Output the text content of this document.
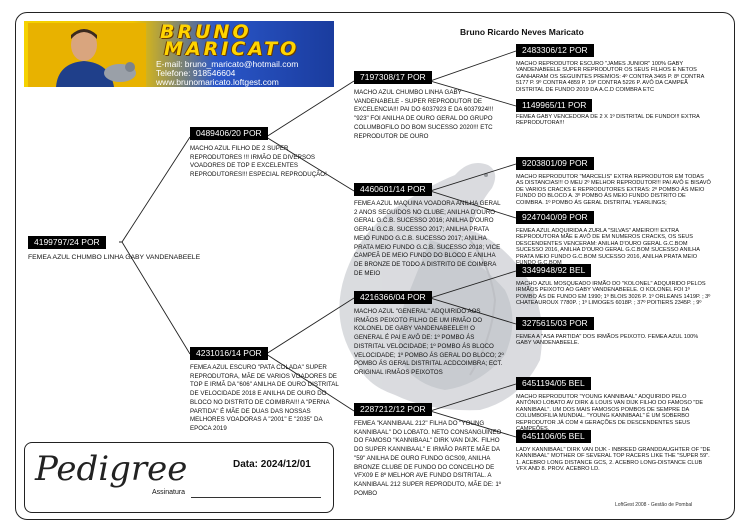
BRUNO
MARICATO
E-mail: bruno_maricato@hotmail.com
Telefone: 918546604
www.brunomaricato.loftgest.com
Bruno Ricardo Neves Maricato
4199797/24 POR
FEMEA AZUL CHUMBO LINHA GABY VANDENABEELE
0489406/20 POR
MACHO AZUL FILHO DE 2 SUPER REPRODUTORES !!! IRMÃO DE DIVERSOS VOADORES DE TOP E EXCELENTES REPRODUTORES!!! ESPECIAL REPRODUÇÃO!
4231016/14 POR
FEMEA AZUL ESCURO "PATA COLADA" SUPER REPRODUTORA, MÃE DE VARIOS VOADORES DE TOP E IRMÃ DA "606" ANILHA DE OURO DISTRITAL DE VELOCIDADE 2018 E ANILHA DE OURO DO BLOCO NO DISTRITO DE COIMBRA!!! A "PERNA PARTIDA" É MÃE DE DUAS DAS NOSSAS MELHORES VOADORAS A "2001" E "2035" DA EPOCA 2019
7197308/17 POR
MACHO AZUL CHUMBO LINHA GABY VANDENABELE - SUPER REPRODUTOR DE EXCELENCIA!!! PAI DO 6037923 E DA 6037924!!! "923" FOI ANILHA DE OURO GERAL DO GRUPO COLUMBOFILO DO BOM SUCESSO 2020!!! ETC REPRODUTOR DE OURO
4460601/14 POR
FEMEA AZUL MAQUINA VOADORA ANILHA GERAL 2 ANOS SEGUIDOS NO CLUBE; ANILHA D'OURO GERAL G.C.B. SUCESSO 2016; ANILHA D'OURO GERAL G.C.B. SUCESSO 2017; ANILHA PRATA MEIO FUNDO G.C.B. SUCESSO 2017; ANILHA PRATA MEIO FUNDO G.C.B. SUCESSO 2018; VICE CAMPEÃ DE MEIO FUNDO DO BLOCO E ANILHA DE BRONZE DE TODO A DISTRITO DE COIMBRA DE MEIO
4216366/04 POR
MACHO AZUL "GENERAL" ADQUIRIDO AOS IRMÃOS PEIXOTO FILHO DE UM IRMÃO DO KOLONEL DE GABY VANDENABEELE!!! O GENERAL É PAI E AVÔ DE: 1º POMBO ÁS DISTRITAL VELOCIDADE; 1º POMBO ÁS BLOCO VELOCIDADE; 1º POMBO ÁS GERAL DO BLOCO; 2º POMBO ÁS GERAL DISTRITAL ACDCOIMBRA; ECT. ORIGINAL IRMÃOS PEIXOTOS
2287212/12 POR
FEMEA "KANNIBAAL 212" FILHA DO "YOUNG KANNIBAAL" DO LOBATO. NETO CONSANGUÍNEO DO FAMOSO "KANNIBAAL" DIRK VAN DIJK. FILHO DO SUPER KANNIBAAL" E IRMÃO PARTE MÃE DA "59" ANILHA DE OURO FUNDO GCS09, ANILHA BRONZE CLUBE DE FUNDO DO CONCELHO DE VFX09 E 8º MELHOR AVE FUNDO DSITRITAL. A KANNIBAAL 212 SUPER REPRODUTO, MÃE DE: 1º POMBO
2483306/12 POR
MACHO REPRODUTOR ESCURO "JAMES JUNIOR" 100% GABY VANDENABEELE SUPER REPRODUTOR OS SEUS FILHOS E NETOS GANHARAM OS SEGUINTES PREMIOS: 4º CONTRA 3465 P. 8º CONTRA 5177 P. 9º CONTRA 4859 P. 19º CONTRA 5226 P. AVÔ DA CAMPEÃ DISTRITAL DE FUNDO 2019 DA A.C.D COIMBRA ETC
1149965/11 POR
FEMEA GABY VENCEDORA DE 2 X 1º DISTRITAL DE FUNDO!!! EXTRA REPRODUTORA!!!
9203801/09 POR
MACHO REPRODUTOR "MARCELIS" EXTRA REPRODUTOR EM TODAS AS DISTANCIAS!!! O MEU 2º MELHOR REPRODUTOR!!! PAI AVÔ E BISAVÔ DE VARIOS CRACKS E REPRODUTORES EXTRAS: 2º POMBO ÁS MEIO FUNDO DO BLOCO A. 3º POMBO ÁS MEIO FUNDO DISTRITO DE COIMBRA. 1º POMBO ÁS GERAL DISTRITAL YEARLINGS;
9247040/09 POR
FEMEA AZUL ADQUIRIDA A ZURLA "SILVAS" AMEIRO!!! EXTRA REPRODUTORA MÃE E AVÔ DE EM NUMEROS CRACKS, OS SEUS DESCENDENTES VENCERAM: ANILHA D'OURO GERAL G.C.BOM SUCESSO 2016, ANILHA D'OURO GERAL G.C.BOM SUCESSO ANILHA PRATA MEIO FUNDO G.C.BOM SUCESSO 2016, ANILHA PRATA MEIO
3349948/92 BEL
MACHO AZUL MOSQUEADO IRMÃO DO "KOLONEL" ADQUIRIDO PELOS IRMÃOS PEIXOTO AO GABY VANDENABEELE. O KOLONEL FOI 1º POMBO ÁS DE FUNDO EM 1990; 1º BLOIS 3026 P. 1º ORLEANS 1419P. ; 3º CHATEAUROUX 7780P. ; 1º LIMOGES 6018P. ; 37º POITIERS 2345P. ; 9º
3275615/03 POR
FEMEA A "ASA PARTIDA" DOS IRMÃOS PEIXOTO. FEMEA AZUL 100% GABY VANDENABEELE.
6451194/05 BEL
MACHO REPRODUTOR "YOUNG KANNIBAAL" ADQUIRIDO PELO ANTÓNIO LOBATO AV DIRK & LOUIS VAN DIJK FILHO DO FAMOSO "DE KANNIBAAL". UM DOS MAIS FAMOSOS POMBOS DE SEMPRE DA COLUMBOFILIA MUNDIAL. "YOUNG KANNIBAAL" É UM SOBERBO REPRODUTOR JÁ COM 4 GERAÇÕES DE DESCENDENTES SEUS
6451106/05 BEL
LADY KANNIBAAL" DIRK VAN DIJK - INBREED GRANDDAUGHTER OF "DE KANNIBAAL" MOTHER OF SEVERAL TOP RACERS LIKE THE "SUPER 59". 1. ACEBRO LONG DISTANCE GCS, 2. ACEBRO LONG-DISTANCE CLUB VFX AND 8. PROV. ACEBRO LD.
Pedigree	Data: 2024/12/01
Assinatura
LoftGest 2008 - Gestão de Pombal
